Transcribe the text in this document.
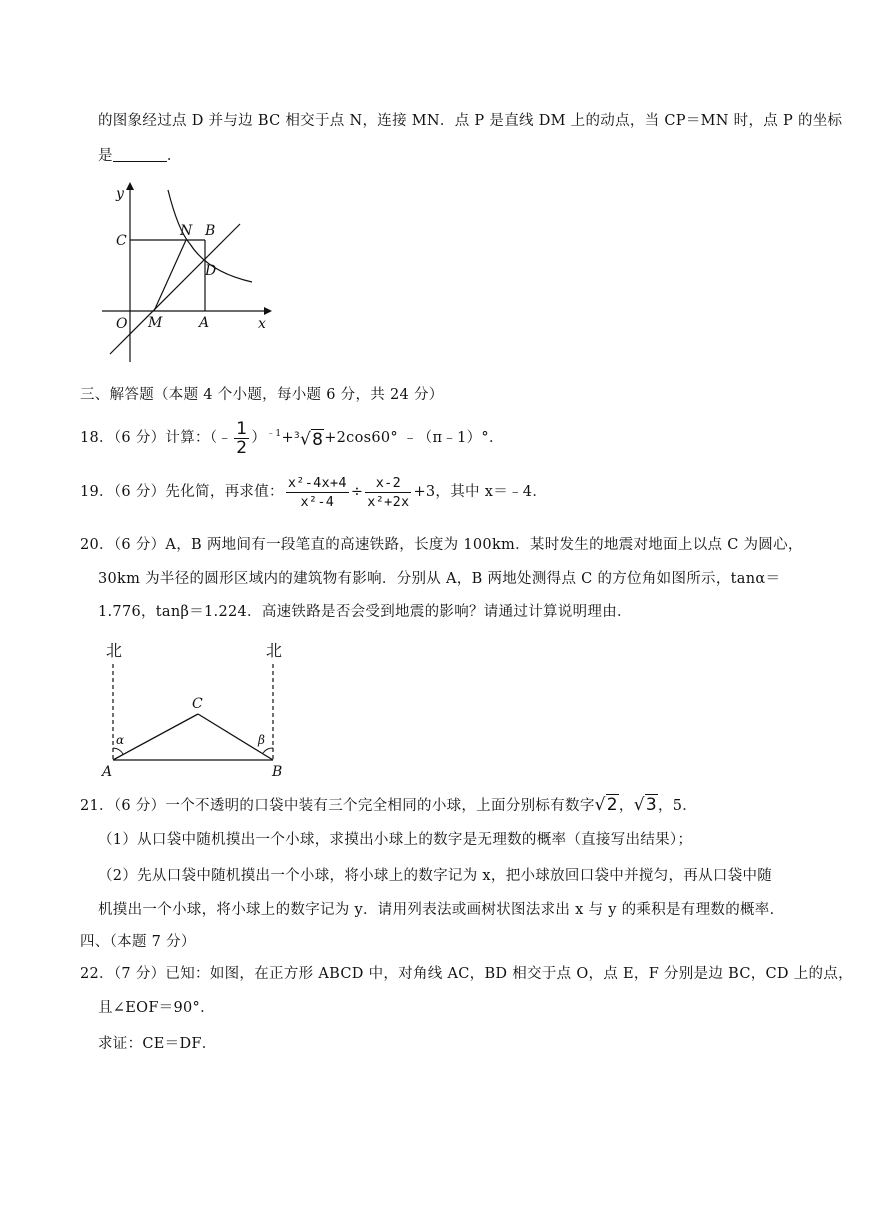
的图象经过点 D 并与边 BC 相交于点 N，连接 MN．点 P 是直线 DM 上的动点，当 CP＝MN 时，点 P 的坐标
是	．
y
x
O M	A
C
N B
D
三、解答题（本题 4 个小题，每小题 6 分，共 24 分）
18．（6 分）计算：（﹣ $\frac{1}{2} )^{﹣1} + ^3√8 +2\cos 60^\circ$ ﹣（π﹣1）°．
19．（6 分）先化简，再求值： $\frac{\text{x²-4x+4}}{\text{x²-4}} \div \frac{x-2}{\text{x²+2x}} +3$，其中 x＝﹣4．
20．（6 分）A，B 两地间有一段笔直的高速铁路，长度为 100km．某时发生的地震对地面上以点 C 为圆心，
30km 为半径的圆形区域内的建筑物有影响．分别从 A，B 两地处测得点 C 的方位角如图所示，tanα＝
1.776，tanβ＝1.224．高速铁路是否会受到地震的影响？请通过计算说明理由．
北	北
α	β
A	B
C
21．（6 分）一个不透明的口袋中装有三个完全相同的小球，上面分别标有数字√2，√3，5．
（1）从口袋中随机摸出一个小球，求摸出小球上的数字是无理数的概率（直接写出结果）；
（2）先从口袋中随机摸出一个小球，将小球上的数字记为 x，把小球放回口袋中并搅匀，再从口袋中随
机摸出一个小球，将小球上的数字记为 y．请用列表法或画树状图法求出 x 与 y 的乘积是有理数的概率．
四、（本题 7 分）
22．（7 分）已知：如图，在正方形 ABCD 中，对角线 AC，BD 相交于点 O，点 E，F 分别是边 BC，CD 上的点，
且∠EOF＝90°．
求证：CE＝DF．
